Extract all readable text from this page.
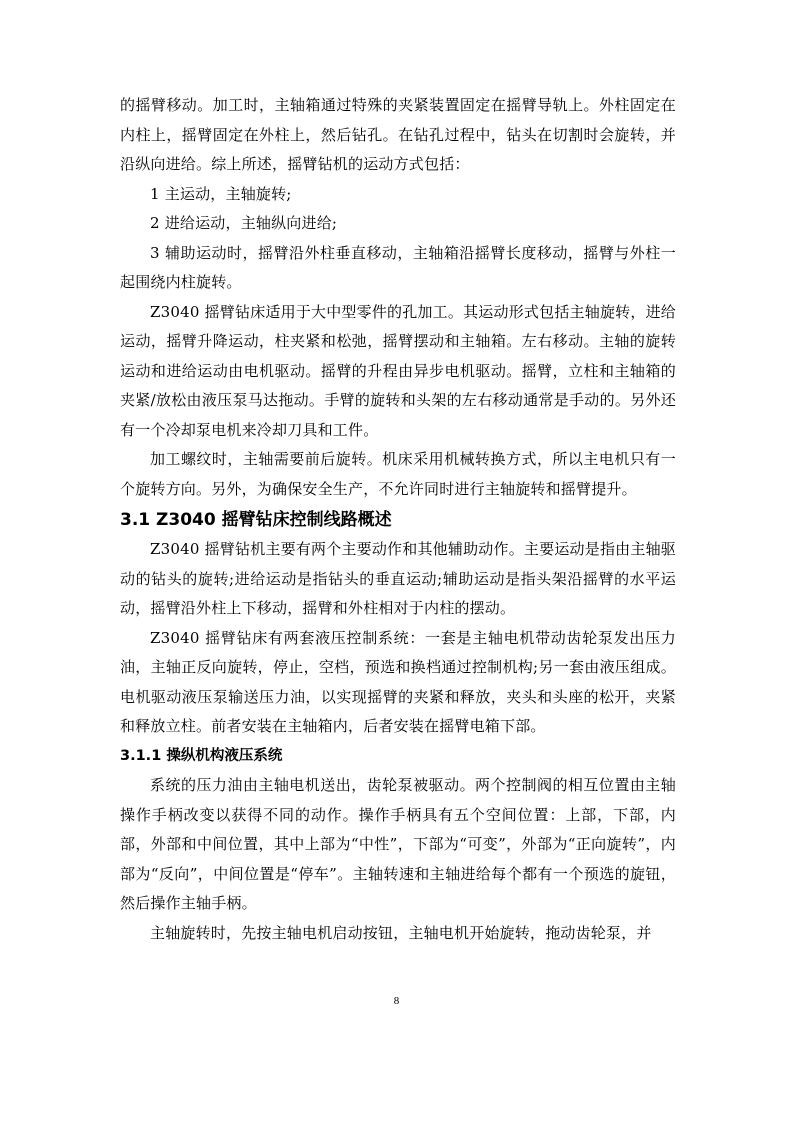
的摇臂移动。加工时，主轴箱通过特殊的夹紧装置固定在摇臂导轨上。外柱固定在内柱上，摇臂固定在外柱上，然后钻孔。在钻孔过程中，钻头在切割时会旋转，并沿纵向进给。综上所述，摇臂钻机的运动方式包括：

1 主运动，主轴旋转;

2 进给运动，主轴纵向进给;

3 辅助运动时，摇臂沿外柱垂直移动，主轴箱沿摇臂长度移动，摇臂与外柱一起围绕内柱旋转。

Z3040 摇臂钻床适用于大中型零件的孔加工。其运动形式包括主轴旋转，进给运动，摇臂升降运动，柱夹紧和松弛，摇臂摆动和主轴箱。左右移动。主轴的旋转运动和进给运动由电机驱动。摇臂的升程由异步电机驱动。摇臂，立柱和主轴箱的夹紧/放松由液压泵马达拖动。手臂的旋转和头架的左右移动通常是手动的。另外还有一个冷却泵电机来冷却刀具和工件。

加工螺纹时，主轴需要前后旋转。机床采用机械转换方式，所以主电机只有一个旋转方向。另外，为确保安全生产，不允许同时进行主轴旋转和摇臂提升。

3.1 Z3040 摇臂钻床控制线路概述

Z3040 摇臂钻机主要有两个主要动作和其他辅助动作。主要运动是指由主轴驱动的钻头的旋转;进给运动是指钻头的垂直运动;辅助运动是指头架沿摇臂的水平运动，摇臂沿外柱上下移动，摇臂和外柱相对于内柱的摆动。

Z3040 摇臂钻床有两套液压控制系统：一套是主轴电机带动齿轮泵发出压力油，主轴正反向旋转，停止，空档，预选和换档通过控制机构;另一套由液压组成。电机驱动液压泵输送压力油，以实现摇臂的夹紧和释放，夹头和头座的松开，夹紧和释放立柱。前者安装在主轴箱内，后者安装在摇臂电箱下部。

3.1.1 操纵机构液压系统

系统的压力油由主轴电机送出，齿轮泵被驱动。两个控制阀的相互位置由主轴操作手柄改变以获得不同的动作。操作手柄具有五个空间位置：上部，下部，内部，外部和中间位置，其中上部为“中性”，下部为“可变”，外部为“正向旋转”，内部为“反向”，中间位置是“停车”。主轴转速和主轴进给每个都有一个预选的旋钮，然后操作主轴手柄。

主轴旋转时，先按主轴电机启动按钮，主轴电机开始旋转，拖动齿轮泵，并

8
